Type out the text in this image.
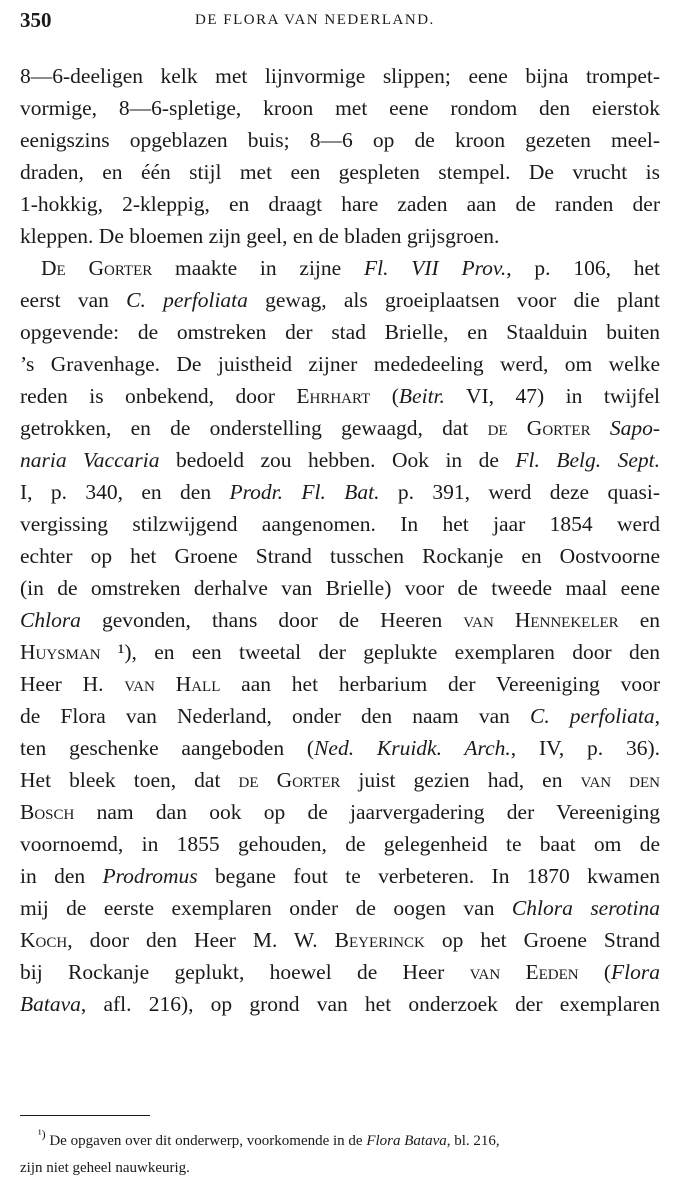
350	DE FLORA VAN NEDERLAND.
8—6-deeligen kelk met lijnvormige slippen; eene bijna trompet-
vormige, 8—6-spletige, kroon met eene rondom den eierstok
eenigszins opgeblazen buis; 8—6 op de kroon gezeten meel-
draden, en één stijl met een gespleten stempel. De vrucht is
1-hokkig, 2-kleppig, en draagt hare zaden aan de randen der
kleppen. De bloemen zijn geel, en de bladen grijsgroen.
De Gorter maakte in zijne Fl. VII Prov., p. 106, het
eerst van C. perfoliata gewag, als groeiplaatsen voor die plant
opgevende: de omstreken der stad Brielle, en Staalduin buiten
’s Gravenhage. De juistheid zijner mededeeling werd, om welke
reden is onbekend, door Ehrhart (Beitr. VI, 47) in twijfel
getrokken, en de onderstelling gewaagd, dat de Gorter Sapo-
naria Vaccaria bedoeld zou hebben. Ook in de Fl. Belg. Sept.
I, p. 340, en den Prodr. Fl. Bat. p. 391, werd deze quasi-
vergissing stilzwijgend aangenomen. In het jaar 1854 werd
echter op het Groene Strand tusschen Rockanje en Oostvoorne
(in de omstreken derhalve van Brielle) voor de tweede maal eene
Chlora gevonden, thans door de Heeren van Hennekeler en
Huysman ¹), en een tweetal der geplukte exemplaren door den
Heer H. van Hall aan het herbarium der Vereeniging voor
de Flora van Nederland, onder den naam van C. perfoliata,
ten geschenke aangeboden (Ned. Kruidk. Arch., IV, p. 36).
Het bleek toen, dat de Gorter juist gezien had, en van den
Bosch nam dan ook op de jaarvergadering der Vereeniging
voornoemd, in 1855 gehouden, de gelegenheid te baat om de
in den Prodromus begane fout te verbeteren. In 1870 kwamen
mij de eerste exemplaren onder de oogen van Chlora serotina
Koch, door den Heer M. W. Beyerinck op het Groene Strand
bij Rockanje geplukt, hoewel de Heer van Eeden (Flora
Batava, afl. 216), op grond van het onderzoek der exemplaren
$^{^1)}$ De opgaven over dit onderwerp, voorkomende in de Flora Batava, bl. 216,
zijn niet geheel nauwkeurig.
